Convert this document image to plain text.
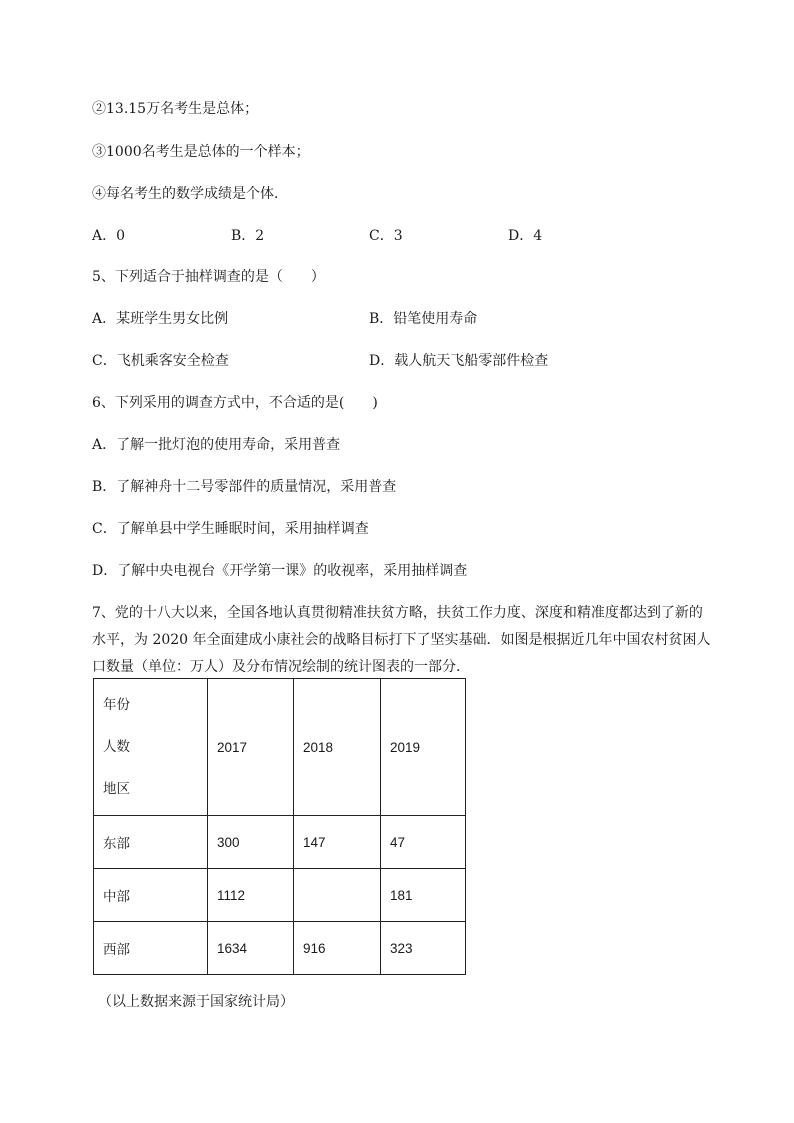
②13.15万名考生是总体；
③1000名考生是总体的一个样本；
④每名考生的数学成绩是个体.
A．0	B．2	C．3	D．4
5、下列适合于抽样调查的是（　　）
A．某班学生男女比例	B．铅笔使用寿命
C．飞机乘客安全检查	D．载人航天飞船零部件检查
6、下列采用的调查方式中，不合适的是(　　)
A．了解一批灯泡的使用寿命，采用普查
B．了解神舟十二号零部件的质量情况，采用普查
C．了解单县中学生睡眠时间，采用抽样调查
D．了解中央电视台《开学第一课》的收视率，采用抽样调查
7、党的十八大以来，全国各地认真贯彻精准扶贫方略，扶贫工作力度、深度和精准度都达到了新的
水平，为 2020 年全面建成小康社会的战略目标打下了坚实基础．如图是根据近几年中国农村贫困人
口数量（单位：万人）及分布情况绘制的统计图表的一部分．
年份
人数
地区	2017	2018	2019
东部	300	147	47
中部	1112		181
西部	1634	916	323
（以上数据来源于国家统计局）
